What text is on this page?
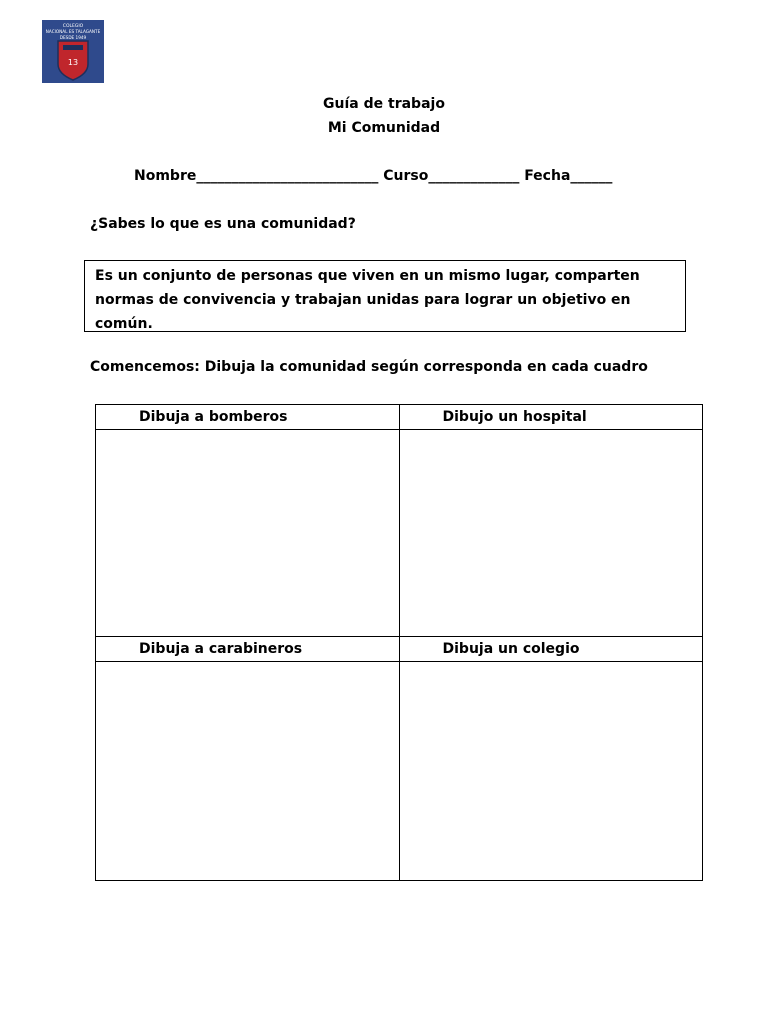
COLEGIO
NACIONAL ES TALAGANTE
DESDE 1949
13
Guía de trabajo
Mi Comunidad
Nombre__________________________ Curso_____________ Fecha______
¿Sabes lo que es una comunidad?
Es un conjunto de personas que viven en un mismo lugar, comparten normas de convivencia y trabajan unidas para lograr un objetivo en común.
Comencemos: Dibuja la comunidad según corresponda en cada cuadro
Dibuja a bomberos	Dibujo un hospital

Dibuja a carabineros	Dibuja un colegio
